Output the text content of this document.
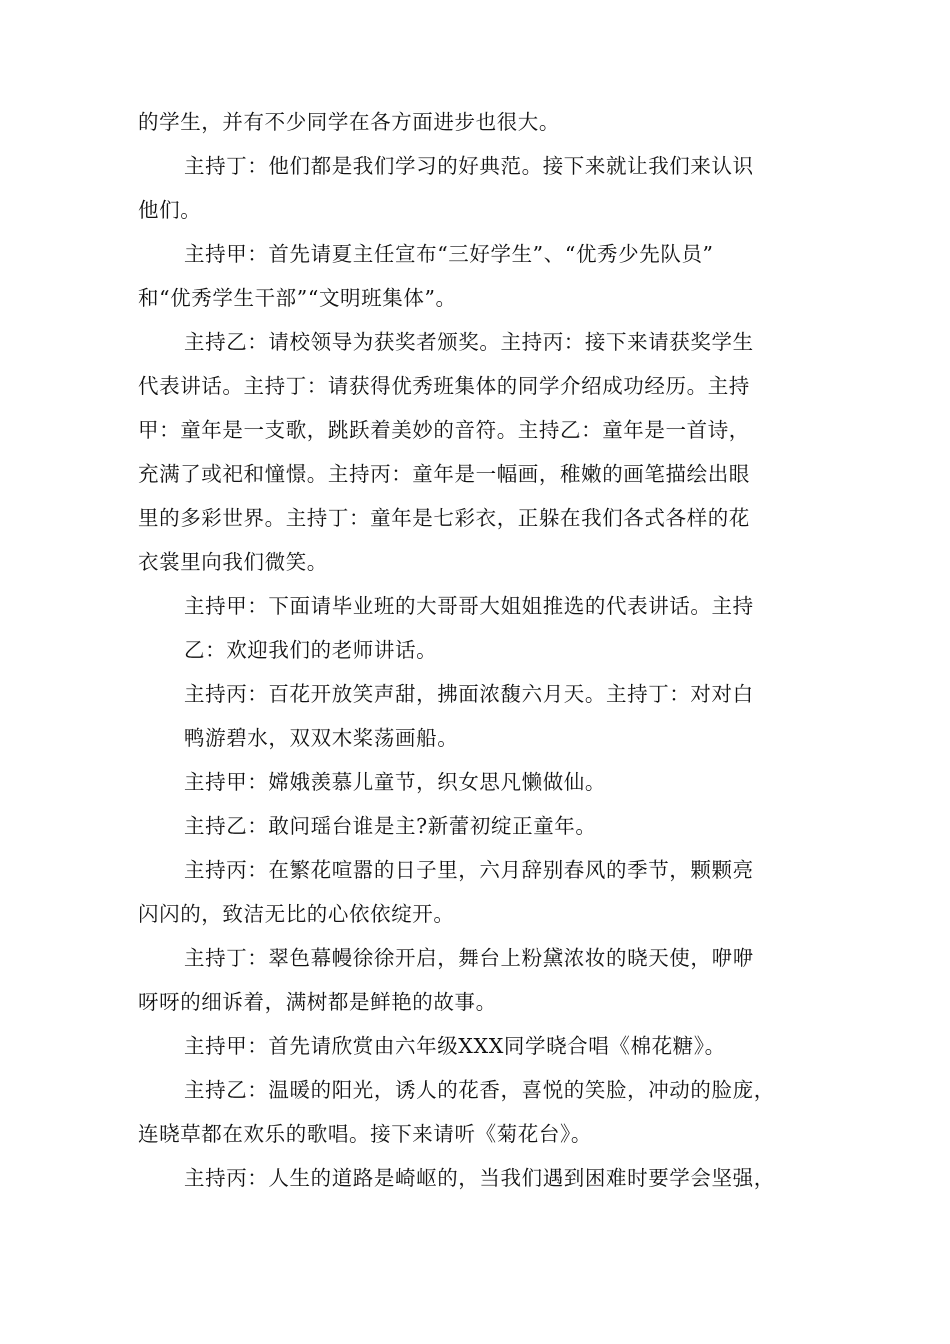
的学生，并有不少同学在各方面进步也很大。
主持丁：他们都是我们学习的好典范。接下来就让我们来认识
他们。
主持甲：首先请夏主任宣布“三好学生”、“优秀少先队员”
和“优秀学生干部”“文明班集体”。
主持乙：请校领导为获奖者颁奖。主持丙：接下来请获奖学生
代表讲话。主持丁：请获得优秀班集体的同学介绍成功经历。主持
甲：童年是一支歌，跳跃着美妙的音符。主持乙：童年是一首诗，
充满了或祀和憧憬。主持丙：童年是一幅画，稚嫩的画笔描绘出眼
里的多彩世界。主持丁：童年是七彩衣，正躲在我们各式各样的花
衣裳里向我们微笑。
主持甲：下面请毕业班的大哥哥大姐姐推选的代表讲话。主持
乙：欢迎我们的老师讲话。
主持丙：百花开放笑声甜，拂面浓馥六月天。主持丁：对对白
鸭游碧水，双双木桨荡画船。
主持甲：嫦娥羡慕儿童节，织女思凡懒做仙。
主持乙：敢问瑶台谁是主?新蕾初绽正童年。
主持丙：在繁花喧嚣的日子里，六月辞别春风的季节，颗颗亮
闪闪的，致洁无比的心依依绽开。
主持丁：翠色幕幔徐徐开启，舞台上粉黛浓妆的晓天使，咿咿
呀呀的细诉着，满树都是鲜艳的故事。
主持甲：首先请欣赏由六年级XXX同学晓合唱《棉花糖》。
主持乙：温暖的阳光，诱人的花香，喜悦的笑脸，冲动的脸庞，
连晓草都在欢乐的歌唱。接下来请听《菊花台》。
主持丙：人生的道路是崎岖的，当我们遇到困难时要学会坚强，
